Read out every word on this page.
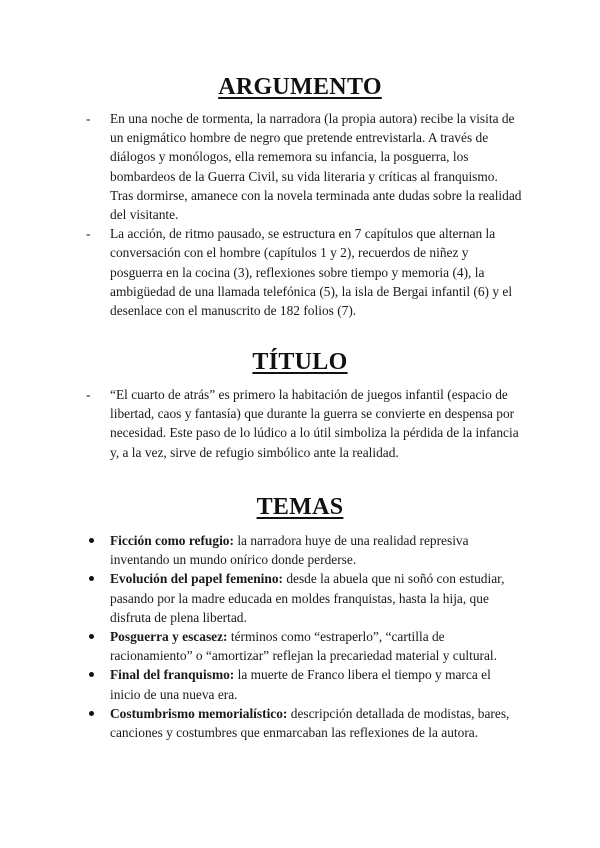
ARGUMENTO
- En una noche de tormenta, la narradora (la propia autora) recibe la visita de un enigmático hombre de negro que pretende entrevistarla. A través de diálogos y monólogos, ella rememora su infancia, la posguerra, los bombardeos de la Guerra Civil, su vida literaria y críticas al franquismo. Tras dormirse, amanece con la novela terminada ante dudas sobre la realidad del visitante.
- La acción, de ritmo pausado, se estructura en 7 capítulos que alternan la conversación con el hombre (capítulos 1 y 2), recuerdos de niñez y posguerra en la cocina (3), reflexiones sobre tiempo y memoria (4), la ambigüedad de una llamada telefónica (5), la isla de Bergai infantil (6) y el desenlace con el manuscrito de 182 folios (7).
TÍTULO
- “El cuarto de atrás” es primero la habitación de juegos infantil (espacio de libertad, caos y fantasía) que durante la guerra se convierte en despensa por necesidad. Este paso de lo lúdico a lo útil simboliza la pérdida de la infancia y, a la vez, sirve de refugio simbólico ante la realidad.
TEMAS
Ficción como refugio: la narradora huye de una realidad represiva inventando un mundo onírico donde perderse.
Evolución del papel femenino: desde la abuela que ni soñó con estudiar, pasando por la madre educada en moldes franquistas, hasta la hija, que disfruta de plena libertad.
Posguerra y escasez: términos como “estraperlo”, “cartilla de racionamiento” o “amortizar” reflejan la precariedad material y cultural.
Final del franquismo: la muerte de Franco libera el tiempo y marca el inicio de una nueva era.
Costumbrismo memorialístico: descripción detallada de modistas, bares, canciones y costumbres que enmarcaban las reflexiones de la autora.
